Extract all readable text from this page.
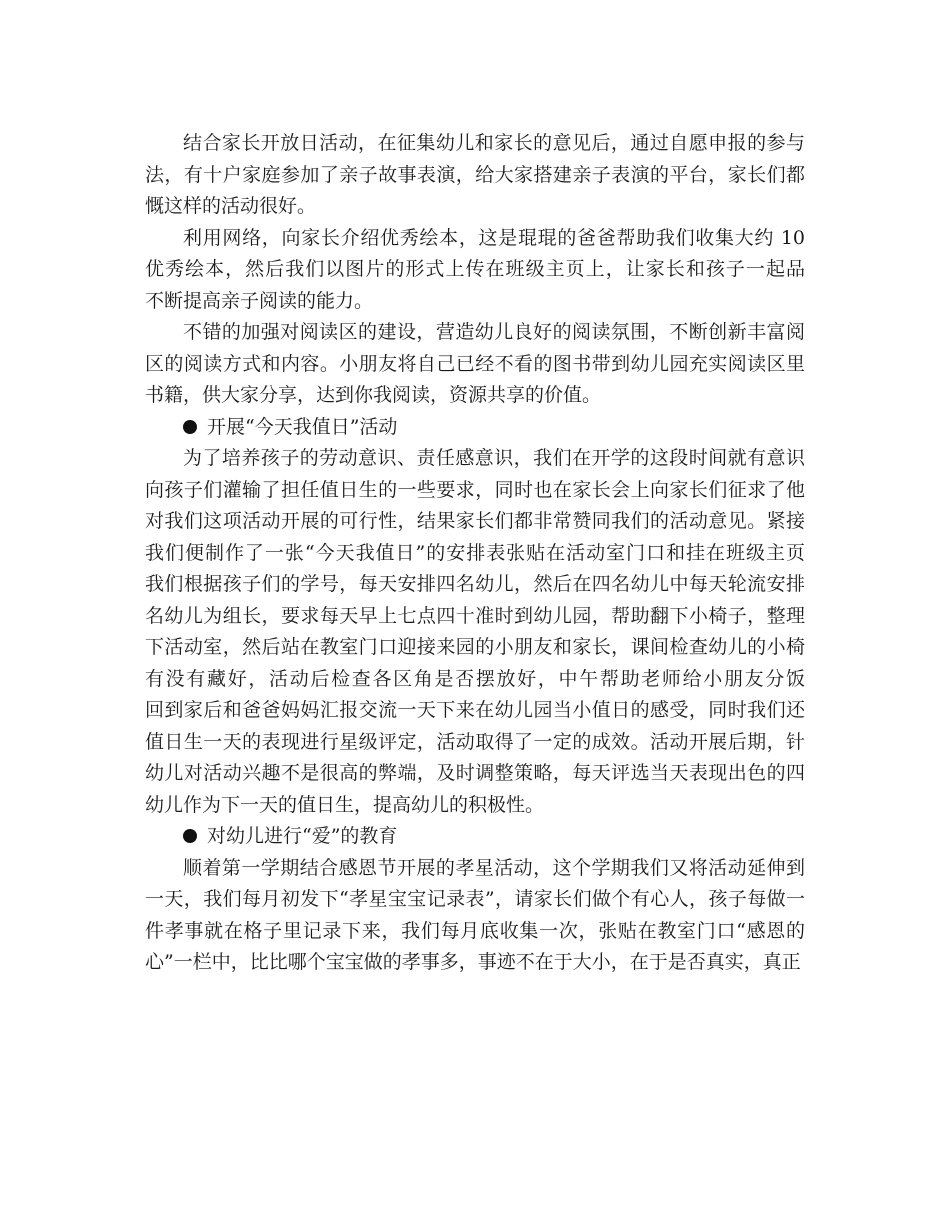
结合家长开放日活动，在征集幼儿和家长的意见后，通过自愿申报的参与
法，有十户家庭参加了亲子故事表演，给大家搭建亲子表演的平台，家长们都
慨这样的活动很好。
利用网络，向家长介绍优秀绘本，这是琨琨的爸爸帮助我们收集大约 10
优秀绘本，然后我们以图片的形式上传在班级主页上，让家长和孩子一起品
不断提高亲子阅读的能力。
不错的加强对阅读区的建设，营造幼儿良好的阅读氛围，不断创新丰富阅
区的阅读方式和内容。小朋友将自己已经不看的图书带到幼儿园充实阅读区里
书籍，供大家分享，达到你我阅读，资源共享的价值。
开展“今天我值日”活动
为了培养孩子的劳动意识、责任感意识，我们在开学的这段时间就有意识
向孩子们灌输了担任值日生的一些要求，同时也在家长会上向家长们征求了他
对我们这项活动开展的可行性，结果家长们都非常赞同我们的活动意见。紧接
我们便制作了一张“今天我值日”的安排表张贴在活动室门口和挂在班级主页
我们根据孩子们的学号，每天安排四名幼儿，然后在四名幼儿中每天轮流安排
名幼儿为组长，要求每天早上七点四十准时到幼儿园，帮助翻下小椅子，整理
下活动室，然后站在教室门口迎接来园的小朋友和家长，课间检查幼儿的小椅
有没有藏好，活动后检查各区角是否摆放好，中午帮助老师给小朋友分饭
回到家后和爸爸妈妈汇报交流一天下来在幼儿园当小值日的感受，同时我们还
值日生一天的表现进行星级评定，活动取得了一定的成效。活动开展后期，针
幼儿对活动兴趣不是很高的弊端，及时调整策略，每天评选当天表现出色的四
幼儿作为下一天的值日生，提高幼儿的积极性。
对幼儿进行“爱”的教育
顺着第一学期结合感恩节开展的孝星活动，这个学期我们又将活动延伸到
一天，我们每月初发下“孝星宝宝记录表”，请家长们做个有心人，孩子每做一
件孝事就在格子里记录下来，我们每月底收集一次，张贴在教室门口“感恩的
心”一栏中，比比哪个宝宝做的孝事多，事迹不在于大小，在于是否真实，真正
